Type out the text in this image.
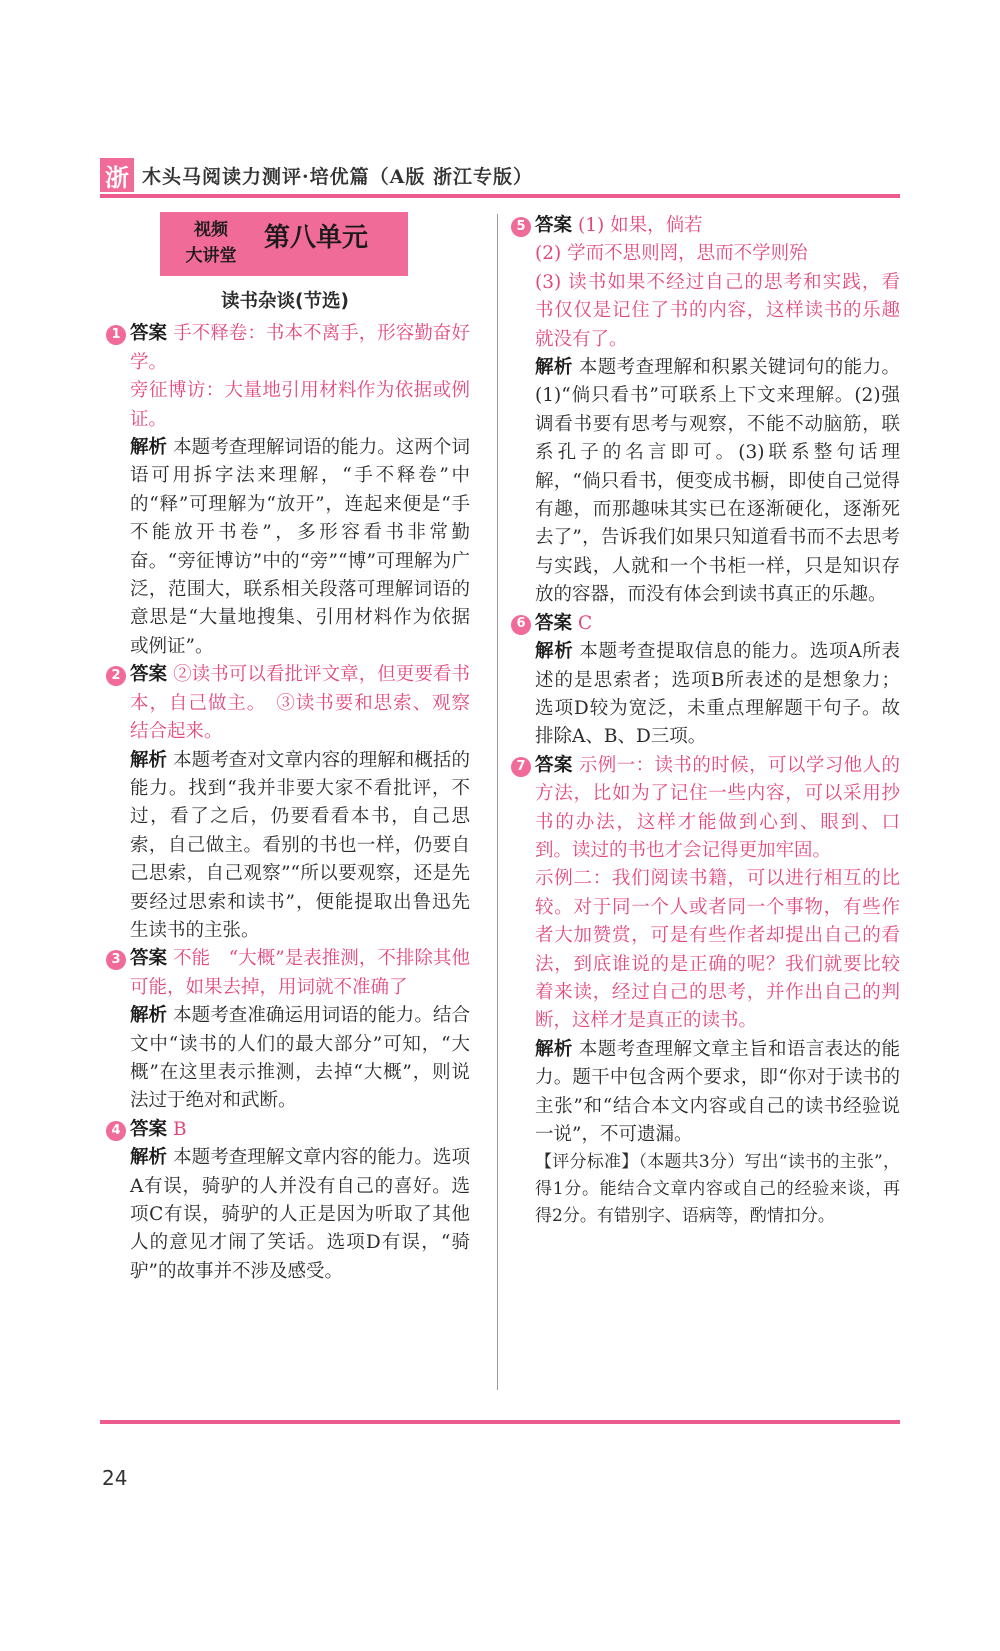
浙 木头马阅读力测评·培优篇（A版 浙江专版）
视频
大讲堂
第八单元
读书杂谈(节选)
1 答案 手不释卷：书本不离手，形容勤奋好学。

旁征博访：大量地引用材料作为依据或例证。

解析 本题考查理解词语的能力。这两个词语可用拆字法来理解，“手不释卷”中的“释”可理解为“放开”，连起来便是“手不能放开书卷”，多形容看书非常勤奋。“旁征博访”中的“旁”“博”可理解为广泛，范围大，联系相关段落可理解词语的意思是“大量地搜集、引用材料作为依据或例证”。

2 答案 ②读书可以看批评文章，但更要看书本，自己做主。　③读书要和思索、观察结合起来。

解析 本题考查对文章内容的理解和概括的能力。找到“我并非要大家不看批评，不过，看了之后，仍要看看本书，自己思索，自己做主。看别的书也一样，仍要自己思索，自己观察”“所以要观察，还是先要经过思索和读书”，便能提取出鲁迅先生读书的主张。

3 答案 不能　“大概”是表推测，不排除其他可能，如果去掉，用词就不准确了

解析 本题考查准确运用词语的能力。结合文中“读书的人们的最大部分”可知，“大概”在这里表示推测，去掉“大概”，则说法过于绝对和武断。

4 答案 B

解析 本题考查理解文章内容的能力。选项A有误，骑驴的人并没有自己的喜好。选项C有误，骑驴的人正是因为听取了其他人的意见才闹了笑话。选项D有误，“骑驴”的故事并不涉及感受。

5 答案 (1) 如果，倘若

(2) 学而不思则罔，思而不学则殆

(3) 读书如果不经过自己的思考和实践，看书仅仅是记住了书的内容，这样读书的乐趣就没有了。

解析 本题考查理解和积累关键词句的能力。(1)“倘只看书”可联系上下文来理解。(2)强调看书要有思考与观察，不能不动脑筋，联系孔子的名言即可。(3)联系整句话理解，“倘只看书，便变成书橱，即使自己觉得有趣，而那趣味其实已在逐渐硬化，逐渐死去了”，告诉我们如果只知道看书而不去思考与实践，人就和一个书柜一样，只是知识存放的容器，而没有体会到读书真正的乐趣。

6 答案 C

解析 本题考查提取信息的能力。选项A所表述的是思索者；选项B所表述的是想象力；选项D较为宽泛，未重点理解题干句子。故排除A、B、D三项。

7 答案 示例一：读书的时候，可以学习他人的方法，比如为了记住一些内容，可以采用抄书的办法，这样才能做到心到、眼到、口到。读过的书也才会记得更加牢固。

示例二：我们阅读书籍，可以进行相互的比较。对于同一个人或者同一个事物，有些作者大加赞赏，可是有些作者却提出自己的看法，到底谁说的是正确的呢？我们就要比较着来读，经过自己的思考，并作出自己的判断，这样才是真正的读书。

解析 本题考查理解文章主旨和语言表达的能力。题干中包含两个要求，即“你对于读书的主张”和“结合本文内容或自己的读书经验说一说”，不可遗漏。

【评分标准】（本题共3分）写出“读书的主张”，得1分。能结合文章内容或自己的经验来谈，再得2分。有错别字、语病等，酌情扣分。

24
